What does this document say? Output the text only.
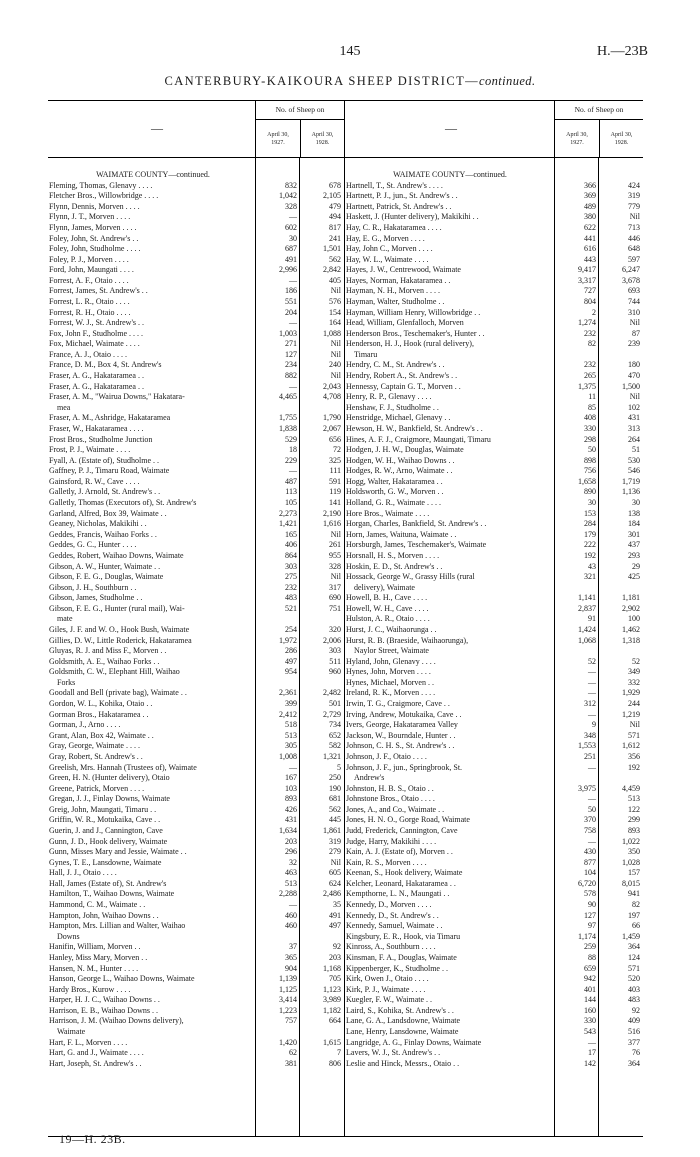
145	H.—23B
CANTERBURY-KAIKOURA SHEEP DISTRICT—continued.
—
No. of Sheep on
April 30,
1927.
April 30,
1928.
WAIMATE COUNTY—continued.
Fleming, Thomas, Glenavy . . . .	832	678
Fletcher Bros., Willowbridge . . . .	1,042	2,105
Flynn, Dennis, Morven . . . .	328	479
Flynn, J. T., Morven . . . .	—	494
Flynn, James, Morven . . . .	602	817
Foley, John, St. Andrew's . .	30	241
Foley, John, Studholme . . . .	687	1,501
Foley, P. J., Morven . . . .	491	562
Ford, John, Maungati . . . .	2,996	2,842
Forrest, A. F., Otaio . . . .	—	405
Forrest, James, St. Andrew's . .	186	Nil
Forrest, L. R., Otaio . . . .	551	576
Forrest, R. H., Otaio . . . .	204	154
Forrest, W. J., St. Andrew's . .	—	164
Fox, John F., Studholme . . . .	1,003	1,088
Fox, Michael, Waimate . . . .	271	Nil
France, A. J., Otaio . . . .	127	Nil
France, D. M., Box 4, St. Andrew's	234	240
Fraser, A. G., Hakataramea . .	882	Nil
Fraser, A. G., Hakataramea . .	—	2,043
Fraser, A. M., "Wairua Downs," Hakatara-	4,465	4,708
mea
Fraser, A. M., Ashridge, Hakataramea	1,755	1,790
Fraser, W., Hakataramea . . . .	1,838	2,067
Frost Bros., Studholme Junction	529	656
Frost, P. J., Waimate . . . .	18	72
Fyall, A. (Estate of), Studholme . .	229	325
Gaffney, P. J., Timaru Road, Waimate	—	111
Gainsford, R. W., Cave . . . .	487	591
Galletly, J. Arnold, St. Andrew's . .	113	119
Galletly, Thomas (Executors of), St. Andrew's	105	141
Garland, Alfred, Box 39, Waimate . .	2,273	2,190
Geaney, Nicholas, Makikihi . .	1,421	1,616
Geddes, Francis, Waihao Forks . .	165	Nil
Geddes, G. C., Hunter . . . .	406	261
Geddes, Robert, Waihao Downs, Waimate	864	955
Gibson, A. W., Hunter, Waimate . .	303	328
Gibson, F. E. G., Douglas, Waimate	275	Nil
Gibson, J. H., Southburn . .	232	317
Gibson, James, Studholme . .	483	690
Gibson, F. E. G., Hunter (rural mail), Wai-	521	751
mate
Giles, J. F. and W. O., Hook Bush, Waimate	254	320
Gillies, D. W., Little Roderick, Hakataramea	1,972	2,006
Gluyas, R. J. and Miss F., Morven . .	286	303
Goldsmith, A. E., Waihao Forks . .	497	511
Goldsmith, C. W., Elephant Hill, Waihao	954	960
Forks
Goodall and Bell (private bag), Waimate . .	2,361	2,482
Gordon, W. L., Kohika, Otaio . .	399	501
Gorman Bros., Hakataramea . .	2,412	2,729
Gorman, J., Arno . . . .	518	734
Grant, Alan, Box 42, Waimate . .	513	652
Gray, George, Waimate . . . .	305	582
Gray, Robert, St. Andrew's . .	1,008	1,321
Greelish, Mrs. Hannah (Trustees of), Waimate	—	5
Green, H. N. (Hunter delivery), Otaio	167	250
Greene, Patrick, Morven . . . .	103	190
Gregan, J. J., Finlay Downs, Waimate	893	681
Greig, John, Maungati, Timaru . .	426	562
Griffin, W. R., Motukaika, Cave . .	431	445
Guerin, J. and J., Cannington, Cave	1,634	1,861
Gunn, J. D., Hook delivery, Waimate	203	319
Gunn, Misses Mary and Jessie, Waimate . .	296	279
Gynes, T. E., Lansdowne, Waimate	32	Nil
Hall, J. J., Otaio . . . .	463	605
Hall, James (Estate of), St. Andrew's	513	624
Hamilton, T., Waihao Downs, Waimate	2,288	2,486
Hammond, C. M., Waimate . .	—	35
Hampton, John, Waihao Downs . .	460	491
Hampton, Mrs. Lillian and Walter, Waihao	460	497
Downs
Hanifin, William, Morven . .	37	92
Hanley, Miss Mary, Morven . .	365	203
Hansen, N. M., Hunter . . . .	904	1,168
Hanson, George L., Waihao Downs, Waimate	1,139	705
Hardy Bros., Kurow . . . .	1,125	1,123
Harper, H. J. C., Waihao Downs . .	3,414	3,989
Harrison, E. B., Waihao Downs . .	1,223	1,182
Harrison, J. M. (Waihao Downs delivery),	757	664
Waimate
Hart, F. L., Morven . . . .	1,420	1,615
Hart, G. and J., Waimate . . . .	62	7
Hart, Joseph, St. Andrew's . .	381	806
—
No. of Sheep on
April 30,
1927.
April 30,
1928.
WAIMATE COUNTY—continued.
Hartnell, T., St. Andrew's . . . .	366	424
Hartnett, P. J., jun., St. Andrew's . .	369	319
Hartnett, Patrick, St. Andrew's . .	489	779
Haskett, J. (Hunter delivery), Makikihi . .	380	Nil
Hay, C. R., Hakataramea . . . .	622	713
Hay, E. G., Morven . . . .	441	446
Hay, John C., Morven . . . .	616	648
Hay, W. L., Waimate . . . .	443	597
Hayes, J. W., Centrewood, Waimate	9,417	6,247
Hayes, Norman, Hakataramea . .	3,317	3,678
Hayman, N. H., Morven . . . .	727	693
Hayman, Walter, Studholme . .	804	744
Hayman, William Henry, Willowbridge . .	2	310
Head, William, Glenfalloch, Morven	1,274	Nil
Henderson Bros., Teschemaker's, Hunter . .	232	87
Henderson, H. J., Hook (rural delivery),	82	239
Timaru
Hendry, C. M., St. Andrew's . .	232	180
Hendry, Robert A., St. Andrew's . .	265	470
Hennessy, Captain G. T., Morven . .	1,375	1,500
Henry, R. P., Glenavy . . . .	11	Nil
Henshaw, F. J., Studholme . .	85	102
Henstridge, Michael, Glenavy . .	408	431
Hewson, H. W., Bankfield, St. Andrew's . .	330	313
Hines, A. F. J., Craigmore, Maungati, Timaru	298	264
Hodgen, J. H. W., Douglas, Waimate	50	51
Hodgen, W. H., Waihao Downs . .	898	530
Hodges, R. W., Arno, Waimate . .	756	546
Hogg, Walter, Hakataramea . .	1,658	1,719
Holdsworth, G. W., Morven . .	890	1,136
Holland, G. R., Waimate . . . .	30	30
Hore Bros., Waimate . . . .	153	138
Horgan, Charles, Bankfield, St. Andrew's . .	284	184
Horn, James, Waituna, Waimate . .	179	301
Horsburgh, James, Teschemaker's, Waimate	222	437
Horsnall, H. S., Morven . . . .	192	293
Hoskin, E. D., St. Andrew's . .	43	29
Hossack, George W., Grassy Hills (rural	321	425
delivery), Waimate
Howell, B. H., Cave . . . .	1,141	1,181
Howell, W. H., Cave . . . .	2,837	2,902
Hulston, A. R., Otaio . . . .	91	100
Hurst, J. C., Waihaorunga . .	1,424	1,462
Hurst, R. B. (Braeside, Waihaorunga),	1,068	1,318
Naylor Street, Waimate
Hyland, John, Glenavy . . . .	52	52
Hynes, John, Morven . . . .	—	349
Hynes, Michael, Morven . .	—	332
Ireland, R. K., Morven . . . .	—	1,929
Irwin, T. G., Craigmore, Cave . .	312	244
Irving, Andrew, Motukaika, Cave . .	—	1,219
Ivers, George, Hakataramea Valley	9	Nil
Jackson, W., Bourndale, Hunter . .	348	571
Johnson, C. H. S., St. Andrew's . .	1,553	1,612
Johnson, J. F., Otaio . . . .	251	356
Johnson, J. F., jun., Springbrook, St.	—	192
Andrew's
Johnston, H. B. S., Otaio . .	3,975	4,459
Johnstone Bros., Otaio . . . .	—	513
Jones, A., and Co., Waimate . .	50	122
Jones, H. N. O., Gorge Road, Waimate	370	299
Judd, Frederick, Cannington, Cave	758	893
Judge, Harry, Makikihi . . . .	—	1,022
Kain, A. J. (Estate of), Morven . .	430	350
Kain, R. S., Morven . . . .	877	1,028
Keenan, S., Hook delivery, Waimate	104	157
Kelcher, Leonard, Hakataramea . .	6,720	8,015
Kempthorne, L. N., Maungati . .	578	941
Kennedy, D., Morven . . . .	90	82
Kennedy, D., St. Andrew's . .	127	197
Kennedy, Samuel, Waimate . .	97	66
Kingsbury, E. R., Hook, via Timaru	1,174	1,459
Kinross, A., Southburn . . . .	259	364
Kinsman, F. A., Douglas, Waimate	88	124
Kippenberger, K., Studholme . .	659	571
Kirk, Owen J., Otaio . . . .	942	520
Kirk, P. J., Waimate . . . .	401	403
Kuegler, F. W., Waimate . .	144	483
Laird, S., Kohika, St. Andrew's . .	160	92
Lane, G. A., Landsdowne, Waimate	330	409
Lane, Henry, Lansdowne, Waimate	543	516
Langridge, A. G., Finlay Downs, Waimate	—	377
Lavers, W. J., St. Andrew's . .	17	76
Leslie and Hinck, Messrs., Otaio . .	142	364
19—H. 23B.
